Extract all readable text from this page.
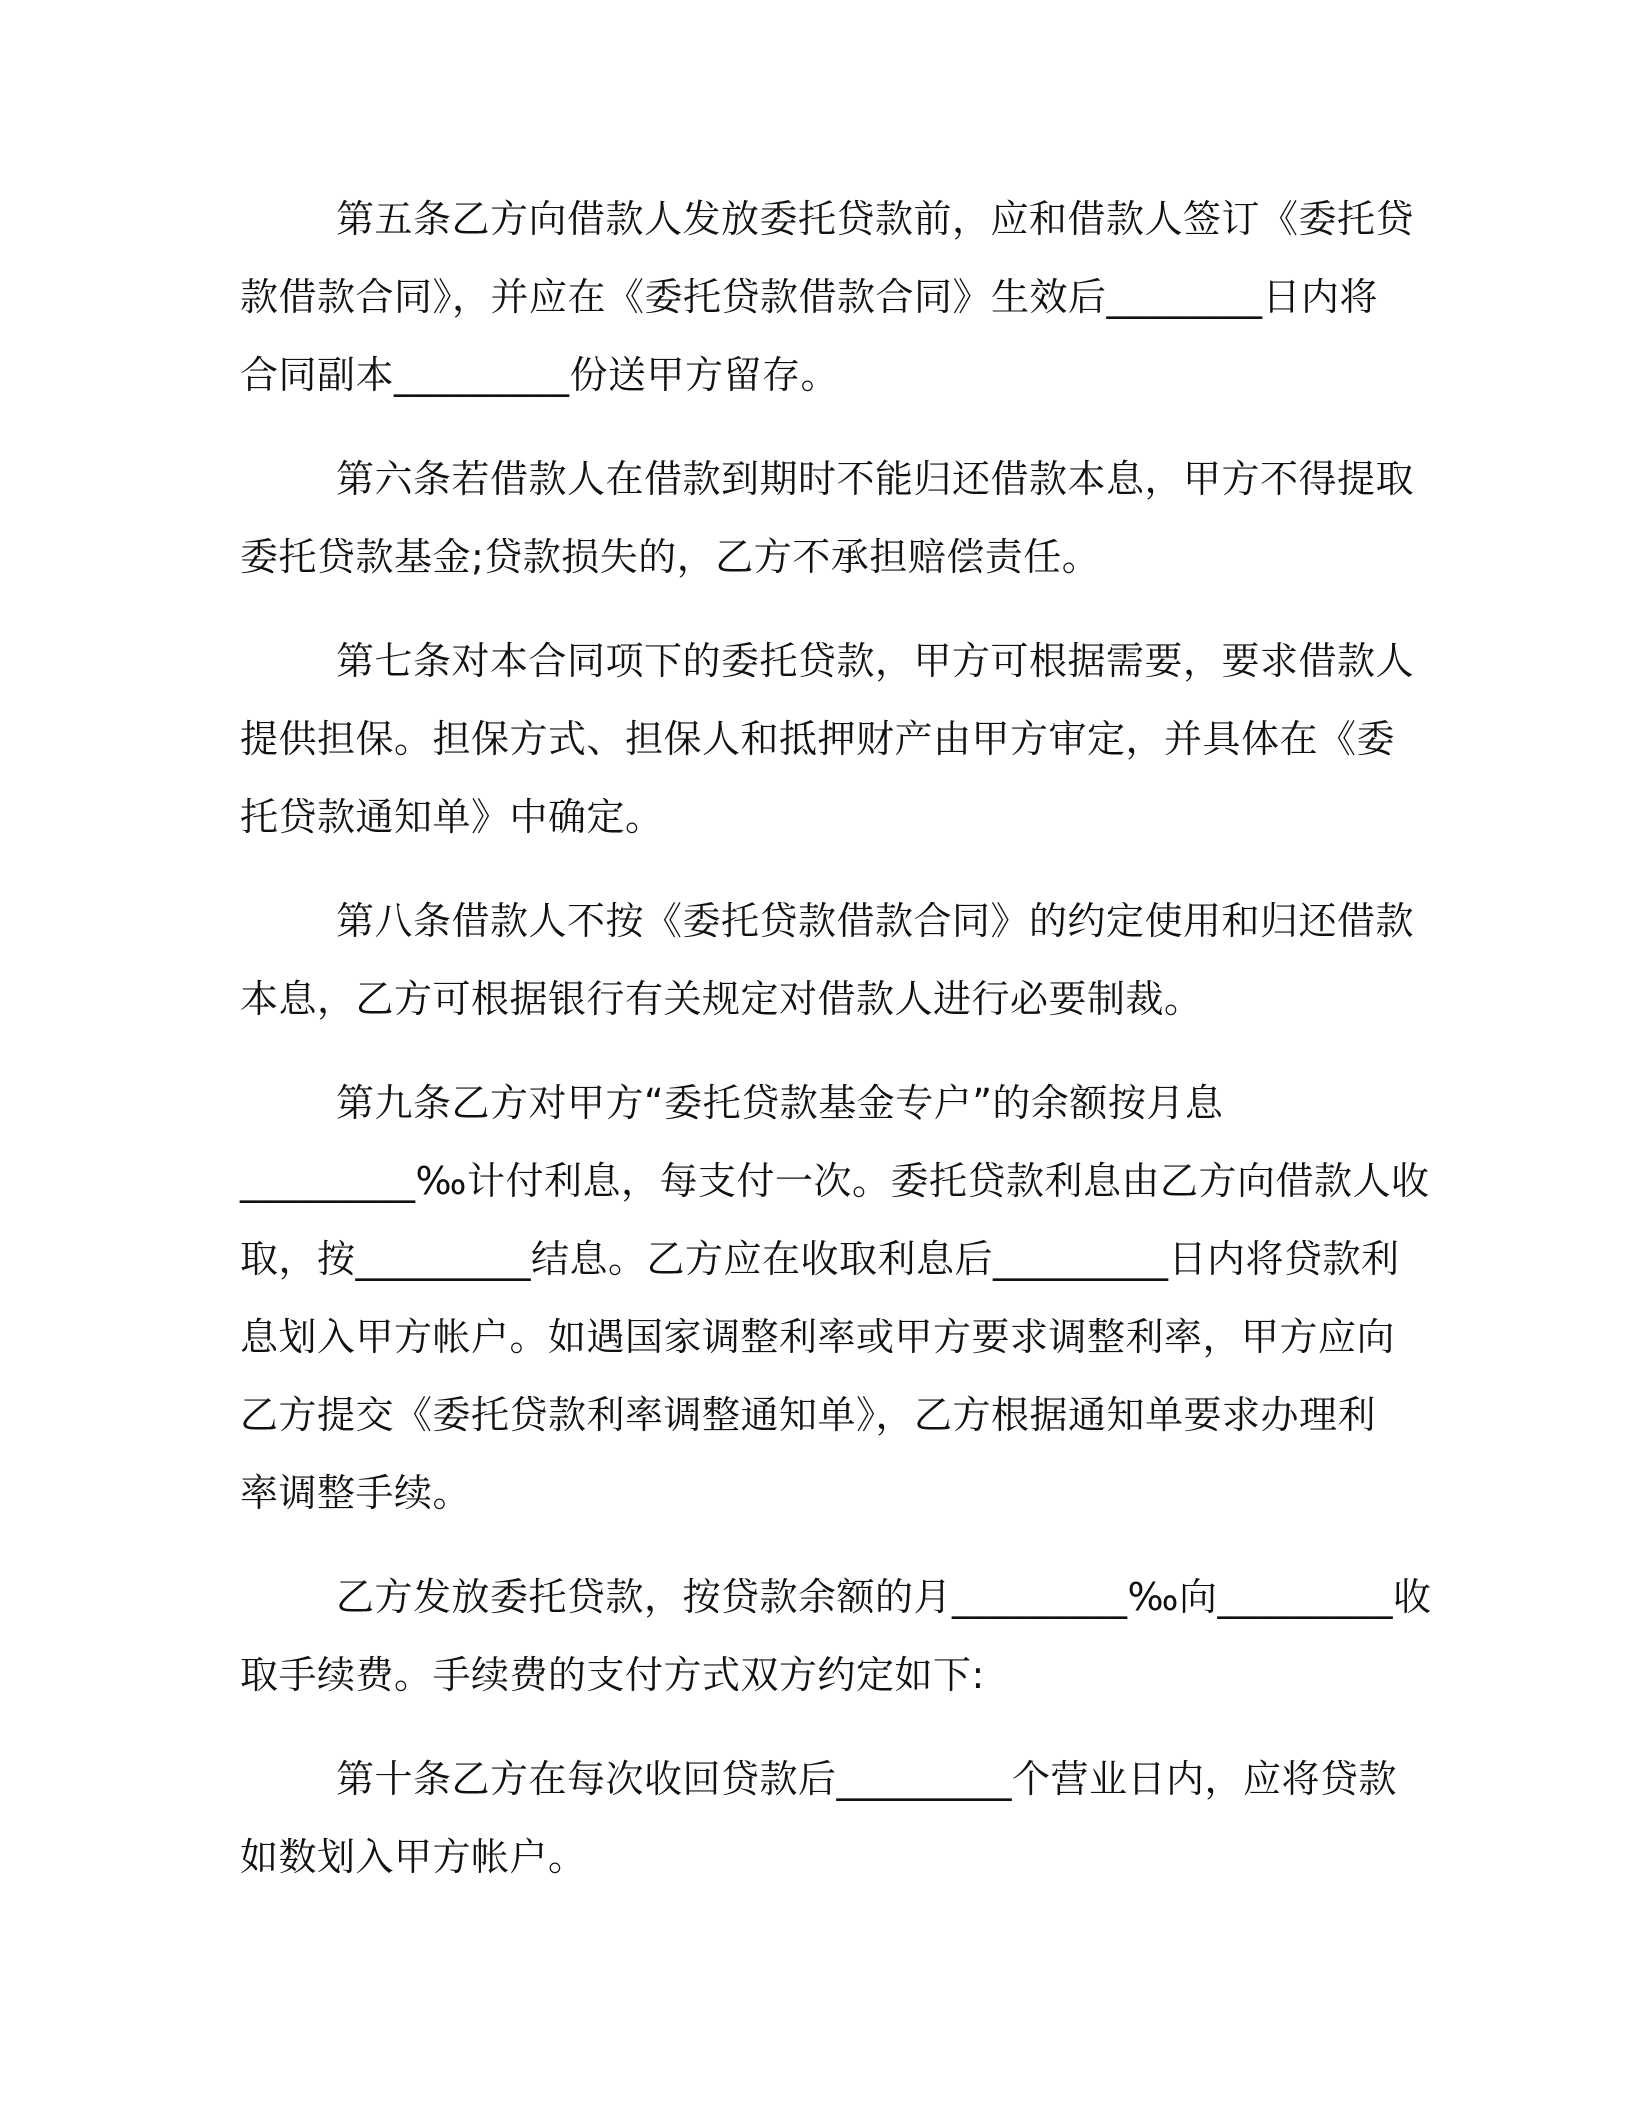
第五条乙方向借款人发放委托贷款前，应和借款人签订《委托贷
款借款合同》，并应在《委托贷款借款合同》生效后________日内将
合同副本_________份送甲方留存。
第六条若借款人在借款到期时不能归还借款本息，甲方不得提取
委托贷款基金;贷款损失的，乙方不承担赔偿责任。
第七条对本合同项下的委托贷款，甲方可根据需要，要求借款人
提供担保。担保方式、担保人和抵押财产由甲方审定，并具体在《委
托贷款通知单》中确定。
第八条借款人不按《委托贷款借款合同》的约定使用和归还借款
本息，乙方可根据银行有关规定对借款人进行必要制裁。
第九条乙方对甲方“委托贷款基金专户”的余额按月息
_________‰计付利息，每支付一次。委托贷款利息由乙方向借款人收
取，按_________结息。乙方应在收取利息后_________日内将贷款利
息划入甲方帐户。如遇国家调整利率或甲方要求调整利率，甲方应向
乙方提交《委托贷款利率调整通知单》，乙方根据通知单要求办理利
率调整手续。
乙方发放委托贷款，按贷款余额的月_________‰向_________收
取手续费。手续费的支付方式双方约定如下:
第十条乙方在每次收回贷款后_________个营业日内，应将贷款
如数划入甲方帐户。
